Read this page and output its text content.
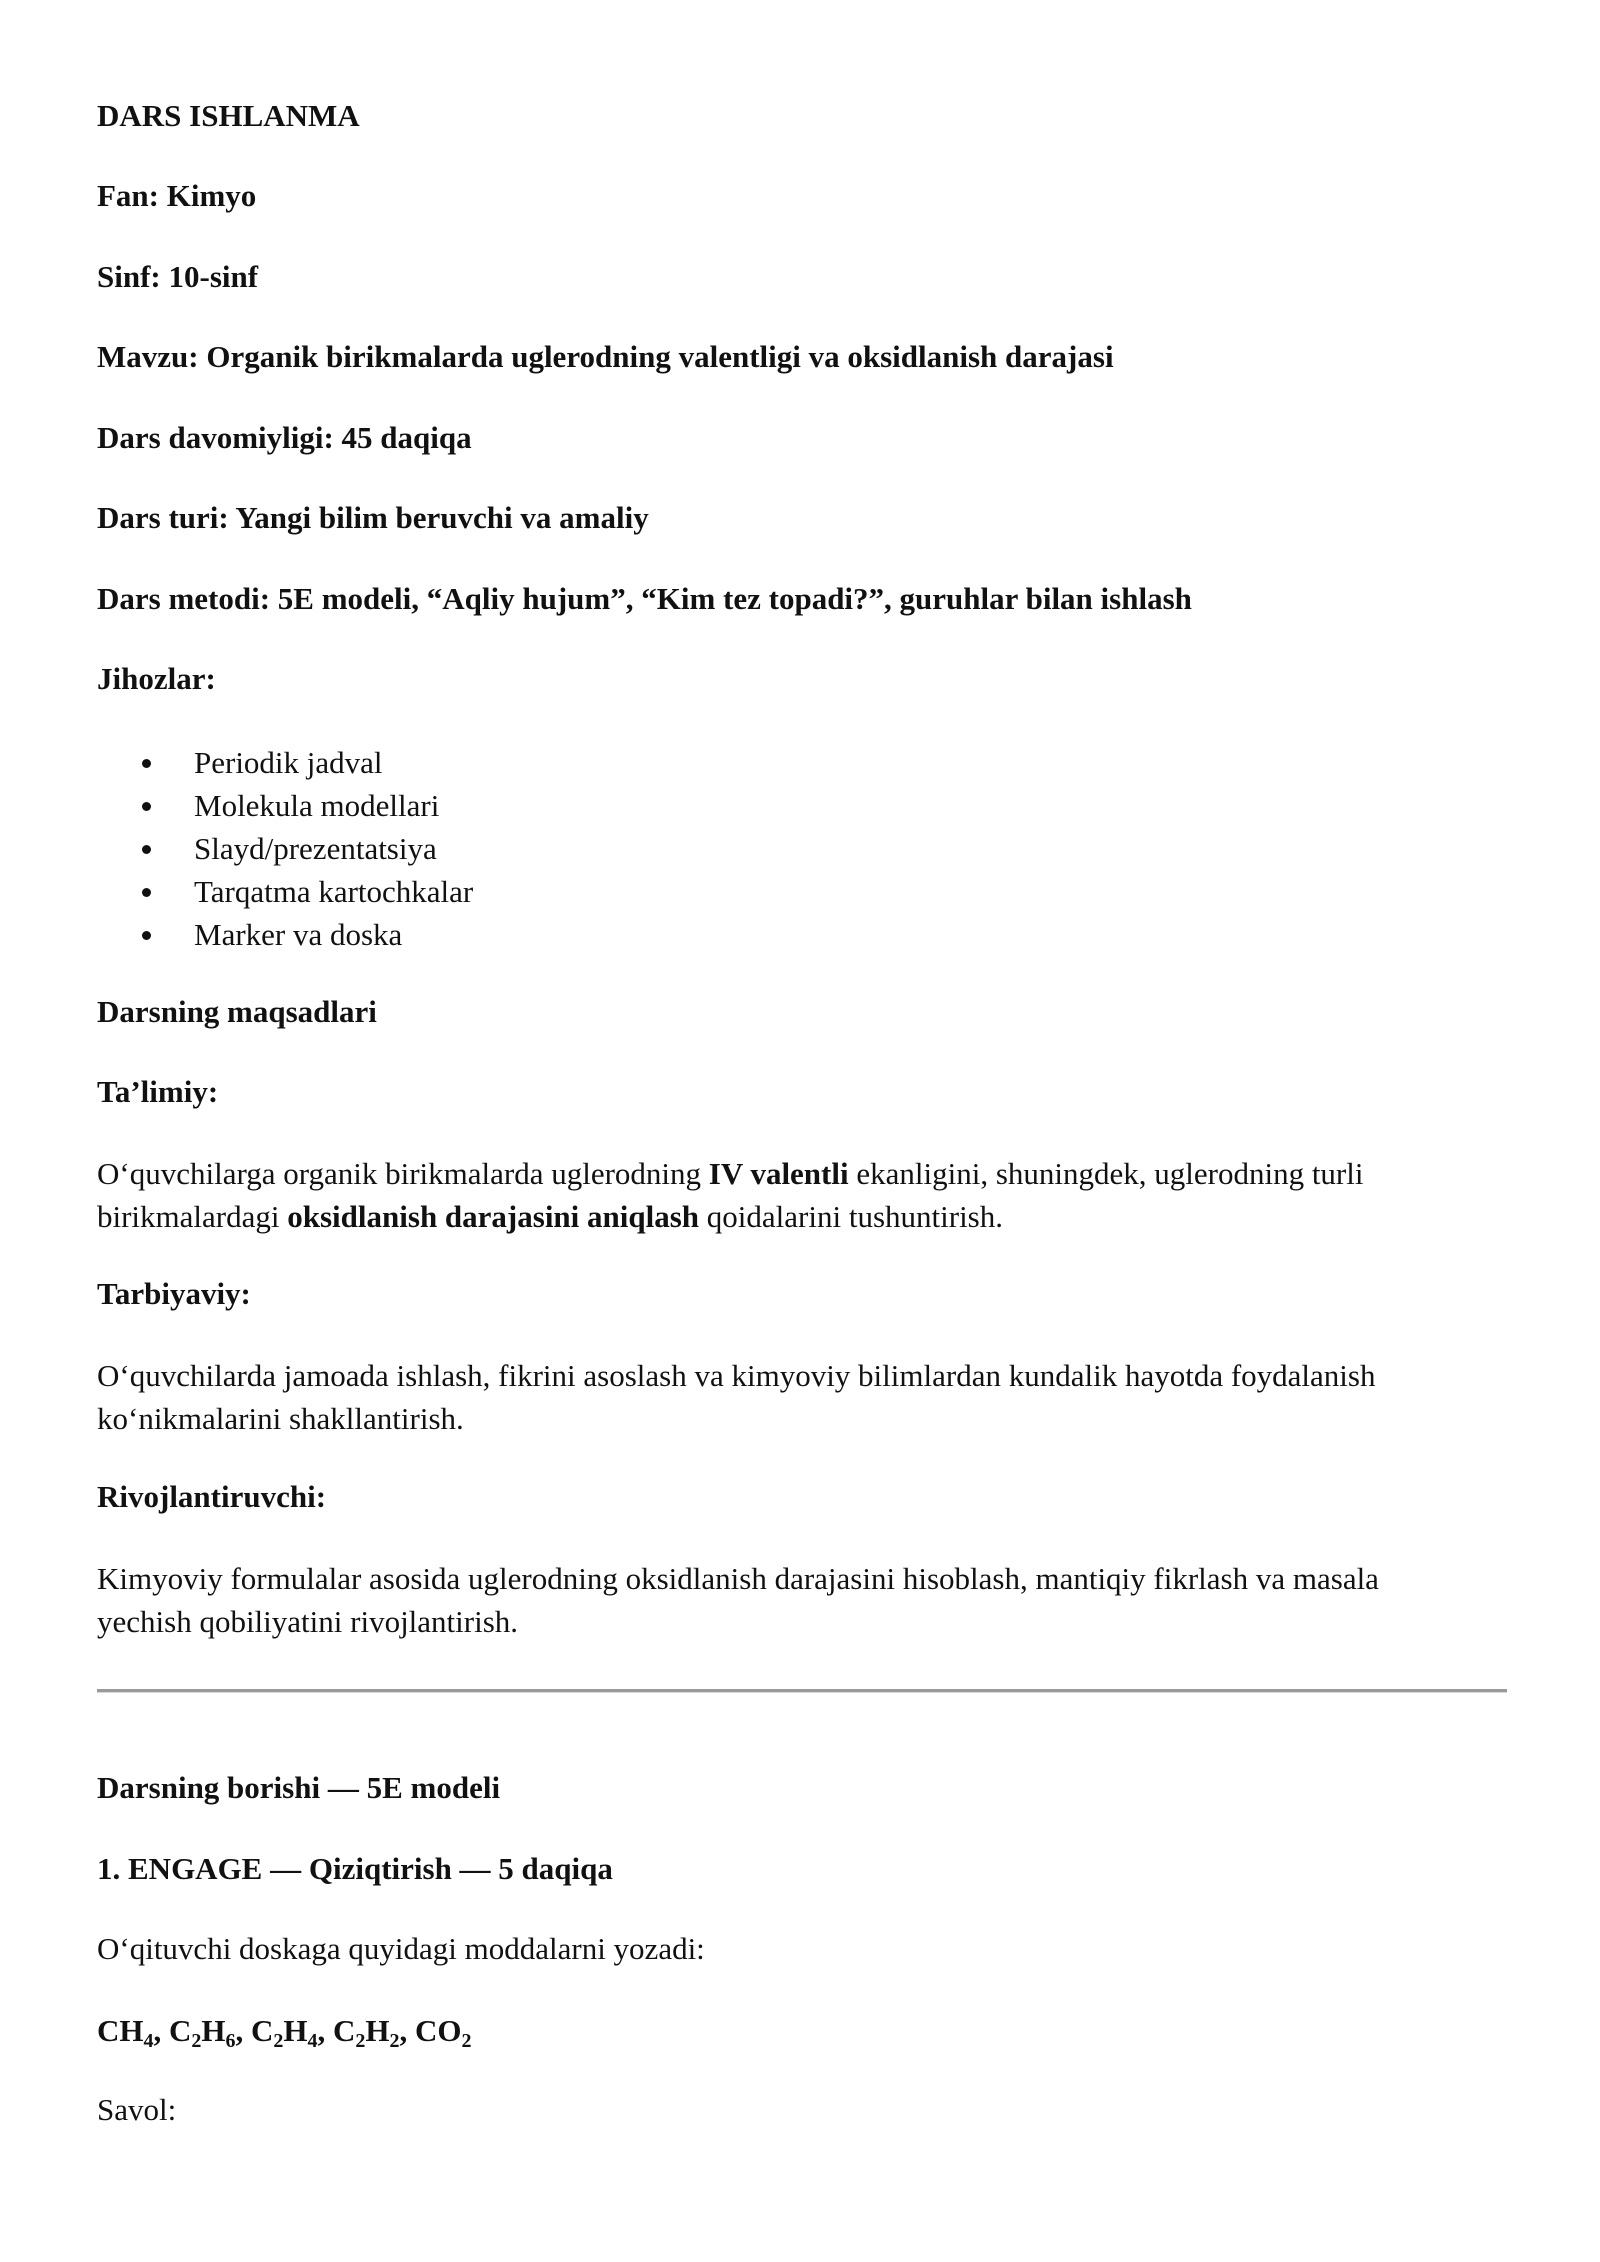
DARS ISHLANMA
Fan: Kimyo
Sinf: 10-sinf
Mavzu: Organik birikmalarda uglerodning valentligi va oksidlanish darajasi
Dars davomiyligi: 45 daqiqa
Dars turi: Yangi bilim beruvchi va amaliy
Dars metodi: 5E modeli, “Aqliy hujum”, “Kim tez topadi?”, guruhlar bilan ishlash
Jihozlar:
Periodik jadval
Molekula modellari
Slayd/prezentatsiya
Tarqatma kartochkalar
Marker va doska
Darsning maqsadlari
Ta’limiy:
O‘quvchilarga organik birikmalarda uglerodning IV valentli ekanligini, shuningdek, uglerodning turli
birikmalardagi oksidlanish darajasini aniqlash qoidalarini tushuntirish.
Tarbiyaviy:
O‘quvchilarda jamoada ishlash, fikrini asoslash va kimyoviy bilimlardan kundalik hayotda foydalanish
ko‘nikmalarini shakllantirish.
Rivojlantiruvchi:
Kimyoviy formulalar asosida uglerodning oksidlanish darajasini hisoblash, mantiqiy fikrlash va masala
yechish qobiliyatini rivojlantirish.
Darsning borishi — 5E modeli
1. ENGAGE — Qiziqtirish — 5 daqiqa
O‘qituvchi doskaga quyidagi moddalarni yozadi:
$CH_4$, $C_2H_6$, $C_2H_4$, $C_2H_2$, $CO_2$
Savol:
